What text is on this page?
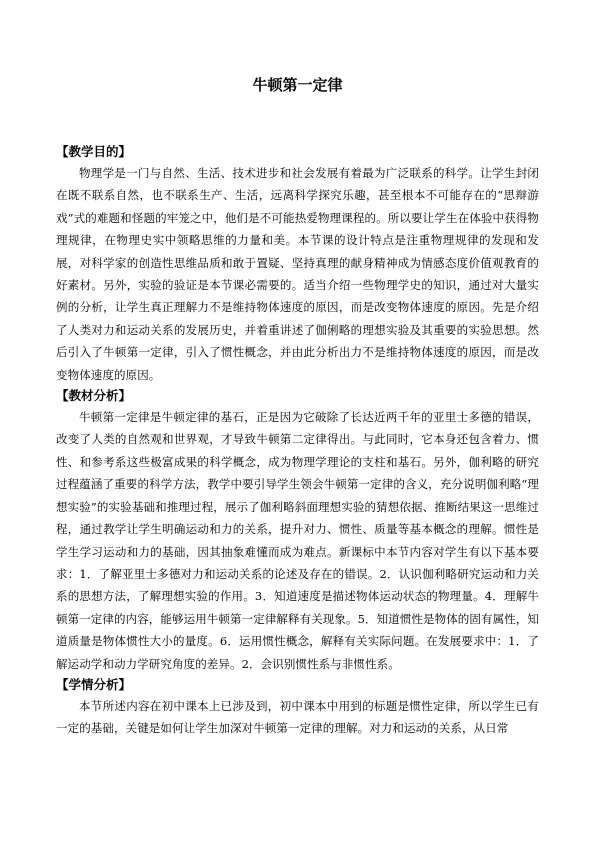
牛顿第一定律
【教学目的】

物理学是一门与自然、生活、技术进步和社会发展有着最为广泛联系的科学。让学生封闭在既不联系自然，也不联系生产、生活，远离科学探究乐趣，甚至根本不可能存在的“思辩游戏”式的难题和怪题的牢笼之中，他们是不可能热爱物理课程的。所以要让学生在体验中获得物理规律，在物理史实中领略思维的力量和美。本节课的设计特点是注重物理规律的发现和发展，对科学家的创造性思维品质和敢于置疑、坚持真理的献身精神成为情感态度价值观教育的好素材。另外，实验的验证是本节课必需要的。适当介绍一些物理学史的知识，通过对大量实例的分析，让学生真正理解力不是维持物体速度的原因，而是改变物体速度的原因。先是介绍了人类对力和运动关系的发展历史，并着重讲述了伽俐略的理想实验及其重要的实验思想。然后引入了牛顿第一定律，引入了惯性概念，并由此分析出力不是维持物体速度的原因，而是改变物体速度的原因。

【教材分析】

牛顿第一定律是牛顿定律的基石，正是因为它破除了长达近两千年的亚里士多德的错误，改变了人类的自然观和世界观，才导致牛顿第二定律得出。与此同时，它本身还包含着力、惯性、和参考系这些极富成果的科学概念，成为物理学理论的支柱和基石。另外，伽利略的研究过程蕴涵了重要的科学方法，教学中要引导学生领会牛顿第一定律的含义，充分说明伽利略“理想实验”的实验基础和推理过程，展示了伽利略斜面理想实验的猜想依据、推断结果这一思维过程，通过教学让学生明确运动和力的关系，提升对力、惯性、质量等基本概念的理解。惯性是学生学习运动和力的基础，因其抽象难懂而成为难点。新课标中本节内容对学生有以下基本要求：1．了解亚里士多德对力和运动关系的论述及存在的错误。2．认识伽利略研究运动和力关系的思想方法，了解理想实验的作用。3．知道速度是描述物体运动状态的物理量。4．理解牛顿第一定律的内容，能够运用牛顿第一定律解释有关现象。5．知道惯性是物体的固有属性，知道质量是物体惯性大小的量度。6．运用惯性概念，解释有关实际问题。在发展要求中：1．了解运动学和动力学研究角度的差异。2．会识别惯性系与非惯性系。

【学情分析】

本节所述内容在初中课本上已涉及到，初中课本中用到的标题是惯性定律，所以学生已有一定的基础，关键是如何让学生加深对牛顿第一定律的理解。对力和运动的关系，从日常
